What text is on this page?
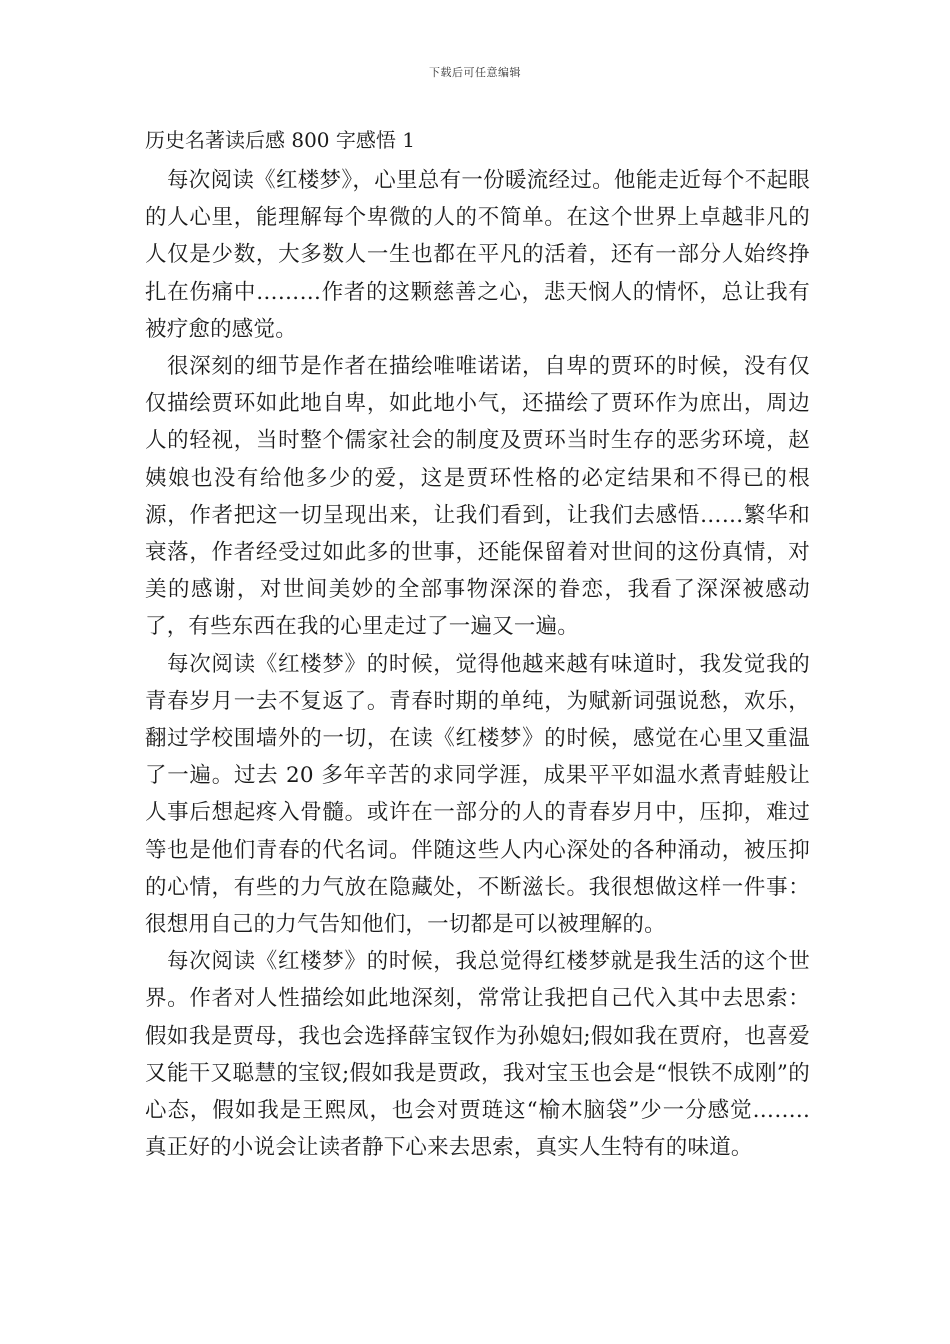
下载后可任意编辑
历史名著读后感 800 字感悟 1

每次阅读《红楼梦》，心里总有一份暖流经过。他能走近每个不起眼的人心里，能理解每个卑微的人的不简单。在这个世界上卓越非凡的人仅是少数，大多数人一生也都在平凡的活着，还有一部分人始终挣扎在伤痛中………作者的这颗慈善之心，悲天悯人的情怀，总让我有被疗愈的感觉。

很深刻的细节是作者在描绘唯唯诺诺，自卑的贾环的时候，没有仅仅描绘贾环如此地自卑，如此地小气，还描绘了贾环作为庶出，周边人的轻视，当时整个儒家社会的制度及贾环当时生存的恶劣环境，赵姨娘也没有给他多少的爱，这是贾环性格的必定结果和不得已的根源，作者把这一切呈现出来，让我们看到，让我们去感悟……繁华和衰落，作者经受过如此多的世事，还能保留着对世间的这份真情，对美的感谢，对世间美妙的全部事物深深的眷恋，我看了深深被感动了，有些东西在我的心里走过了一遍又一遍。

每次阅读《红楼梦》的时候，觉得他越来越有味道时，我发觉我的青春岁月一去不复返了。青春时期的单纯，为赋新词强说愁，欢乐，翻过学校围墙外的一切，在读《红楼梦》的时候，感觉在心里又重温了一遍。过去 20 多年辛苦的求同学涯，成果平平如温水煮青蛙般让人事后想起疼入骨髓。或许在一部分的人的青春岁月中，压抑，难过等也是他们青春的代名词。伴随这些人内心深处的各种涌动，被压抑的心情，有些的力气放在隐藏处，不断滋长。我很想做这样一件事：很想用自己的力气告知他们，一切都是可以被理解的。

每次阅读《红楼梦》的时候，我总觉得红楼梦就是我生活的这个世界。作者对人性描绘如此地深刻，常常让我把自己代入其中去思索：假如我是贾母，我也会选择薛宝钗作为孙媳妇;假如我在贾府，也喜爱又能干又聪慧的宝钗;假如我是贾政，我对宝玉也会是“恨铁不成刚”的心态，假如我是王熙凤，也会对贾琏这“榆木脑袋”少一分感觉……..真正好的小说会让读者静下心来去思索，真实人生特有的味道。
